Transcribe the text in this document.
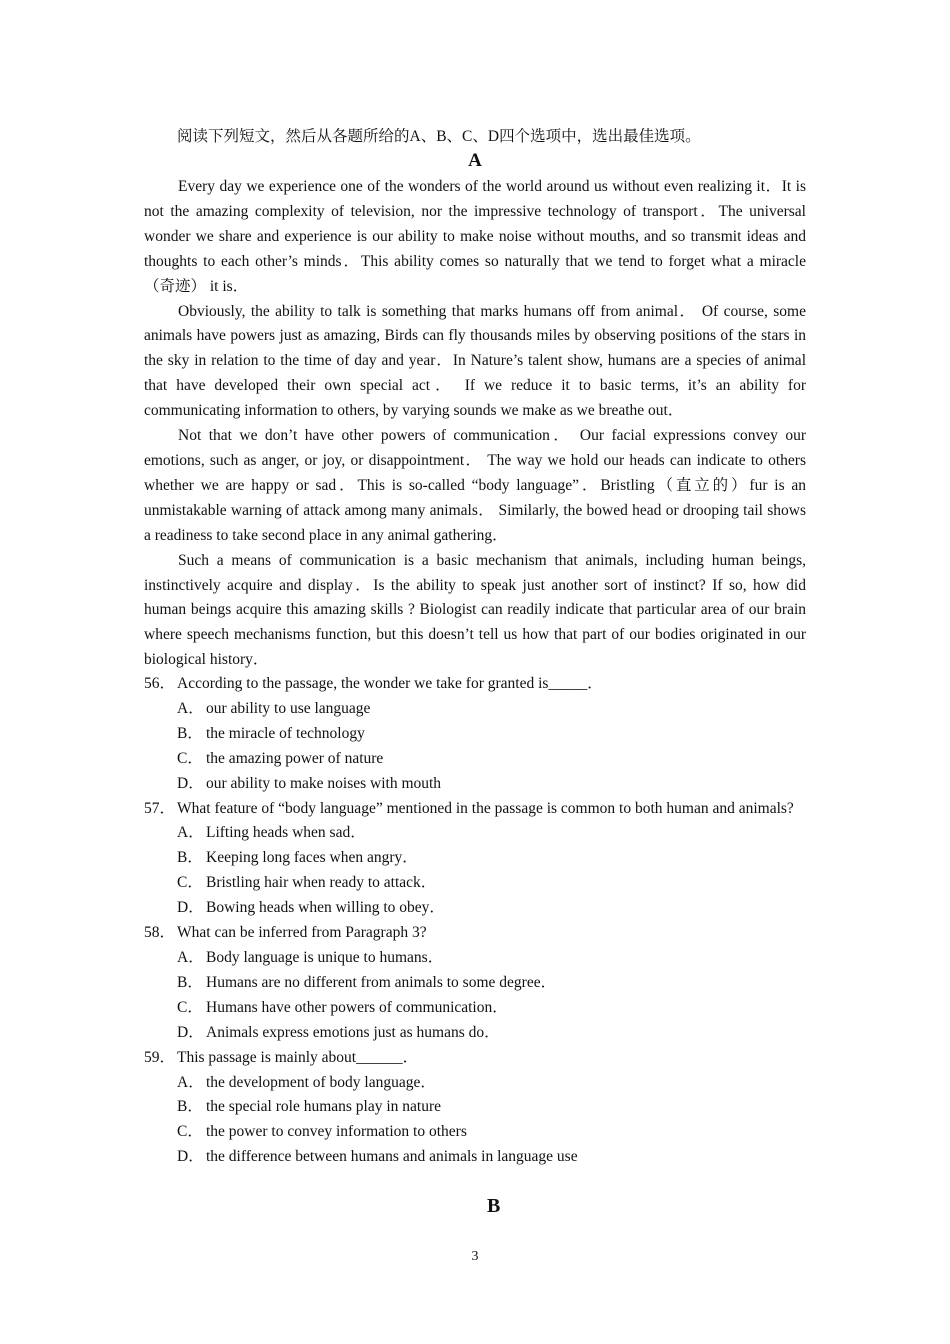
阅读下列短文，然后从各题所给的A、B、C、D四个选项中，选出最佳选项。
A

Every day we experience one of the wonders of the world around us without even realizing it．It is not the amazing complexity of television, nor the impressive technology of transport．The universal wonder we share and experience is our ability to make noise without mouths, and so transmit ideas and thoughts to each other’s minds．This ability comes so naturally that we tend to forget what a miracle （奇迹） it is．

Obviously, the ability to talk is something that marks humans off from animal． Of course, some animals have powers just as amazing, Birds can fly thousands miles by observing positions of the stars in the sky in relation to the time of day and year．In Nature’s talent show, humans are a species of animal that have developed their own special act． If we reduce it to basic terms, it’s an ability for communicating information to others, by varying sounds we make as we breathe out．

Not that we don’t have other powers of communication． Our facial expressions convey our emotions, such as anger, or joy, or disappointment． The way we hold our heads can indicate to others whether we are happy or sad．This is so-called “body language”．Bristling（直立的）fur is an unmistakable warning of attack among many animals． Similarly, the bowed head or drooping tail shows a readiness to take second place in any animal gathering．

Such a means of communication is a basic mechanism that animals, including human beings, instinctively acquire and display．Is the ability to speak just another sort of instinct? If so, how did human beings acquire this amazing skills ? Biologist can readily indicate that particular area of our brain where speech mechanisms function, but this doesn’t tell us how that part of our bodies originated in our biological history．

56． According to the passage, the wonder we take for granted is_____．
A． our ability to use language
B． the miracle of technology
C． the amazing power of nature
D． our ability to make noises with mouth
57． What feature of “body language” mentioned in the passage is common to both human and animals?
A． Lifting heads when sad．
B． Keeping long faces when angry．
C． Bristling hair when ready to attack．
D． Bowing heads when willing to obey．
58． What can be inferred from Paragraph 3?
A． Body language is unique to humans．
B． Humans are no different from animals to some degree．
C． Humans have other powers of communication．
D． Animals express emotions just as humans do．
59． This passage is mainly about______．
A． the development of body language．
B． the special role humans play in nature
C． the power to convey information to others
D． the difference between humans and animals in language use
B
3
